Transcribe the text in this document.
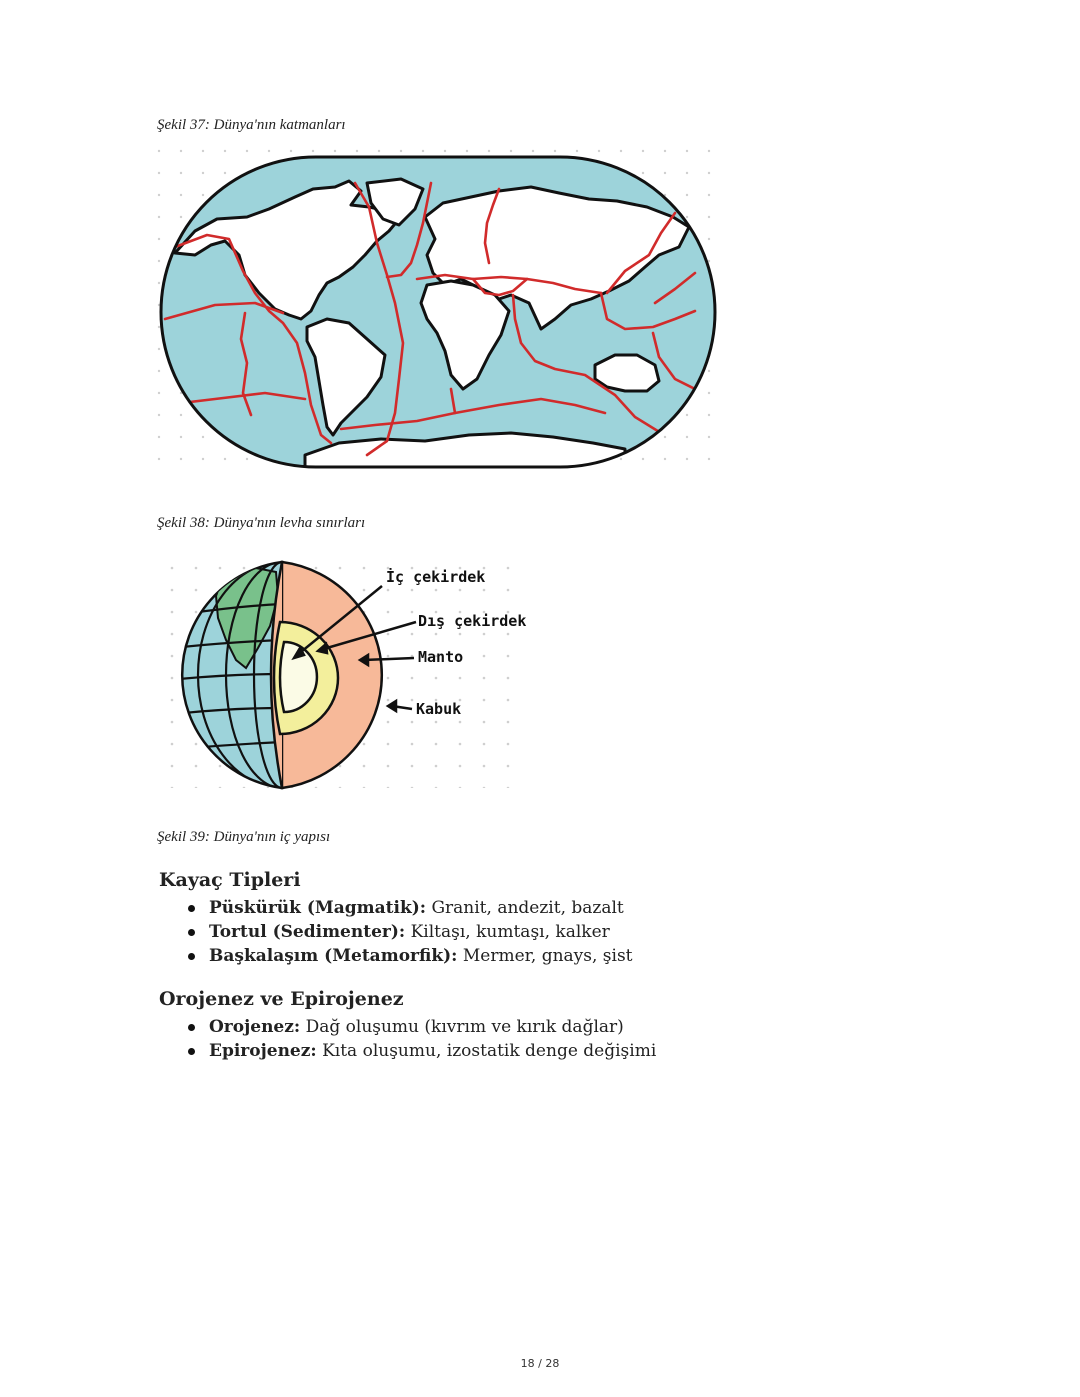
Şekil 37: Dünya'nın katmanları
Şekil 38: Dünya'nın levha sınırları
İç çekirdek
Dış çekirdek
Manto
Kabuk
Şekil 39: Dünya'nın iç yapısı
Kayaç Tipleri
Püskürük (Magmatik): Granit, andezit, bazalt
Tortul (Sedimenter): Kiltaşı, kumtaşı, kalker
Başkalaşım (Metamorfik): Mermer, gnays, şist
Orojenez ve Epirojenez
Orojenez: Dağ oluşumu (kıvrım ve kırık dağlar)
Epirojenez: Kıta oluşumu, izostatik denge değişimi
18 / 28
